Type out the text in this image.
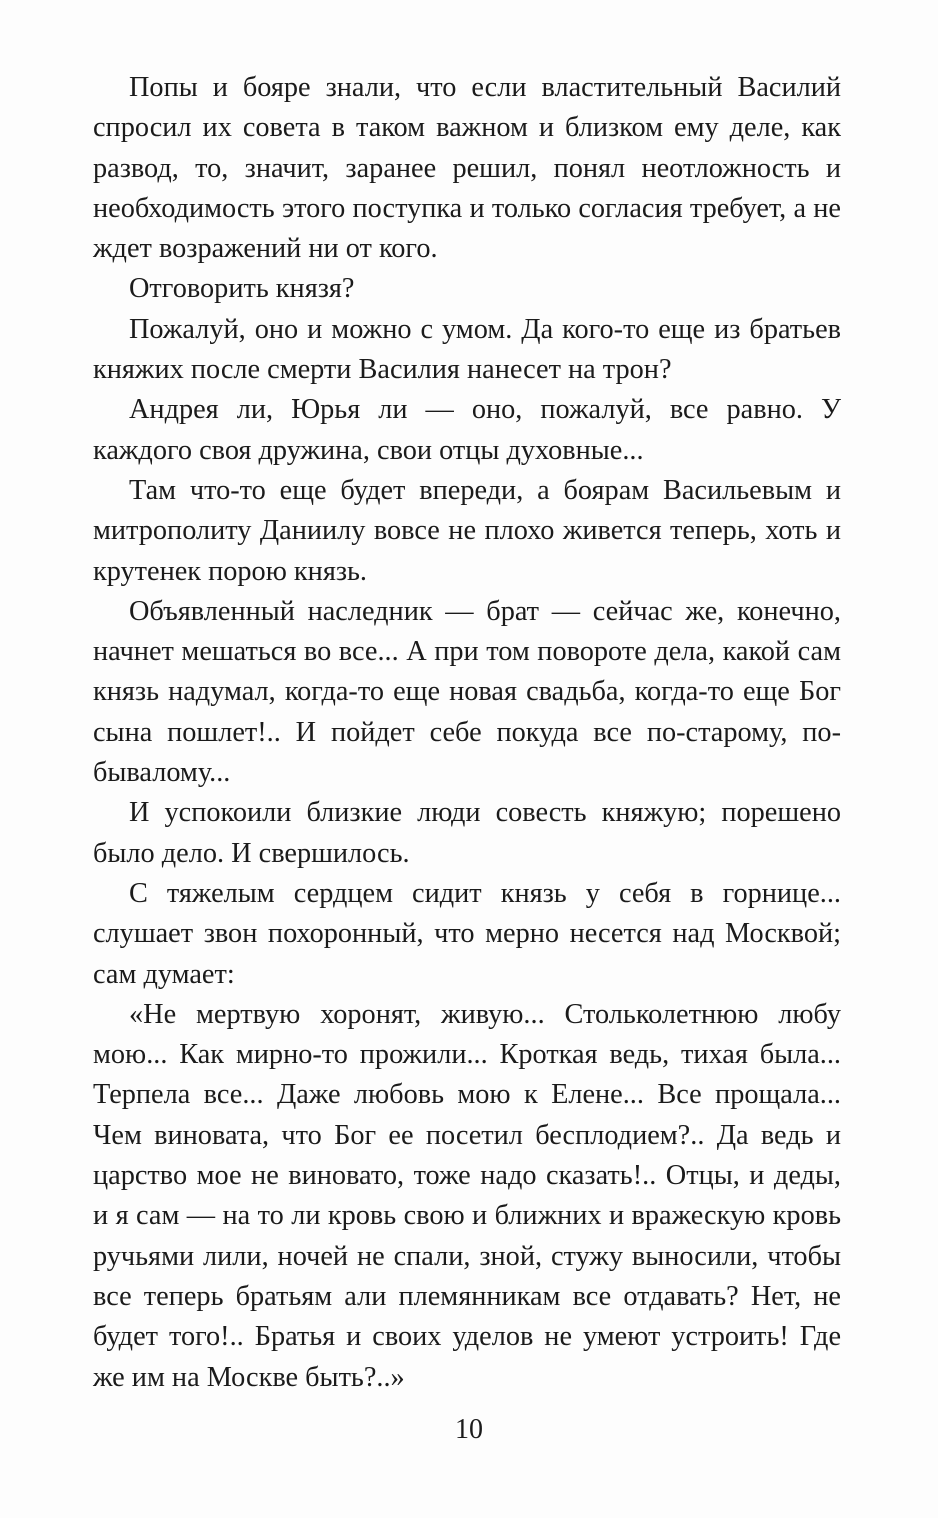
Попы и бояре знали, что если властительный Василий спросил их совета в таком важном и близком ему деле, как развод, то, значит, заранее решил, понял неотложность и необходимость этого поступка и только согласия требует, а не ждет возражений ни от кого.

Отговорить князя?

Пожалуй, оно и можно с умом. Да кого-то еще из братьев княжих после смерти Василия нанесет на трон?

Андрея ли, Юрья ли — оно, пожалуй, все равно. У каждого своя дружина, свои отцы духовные...

Там что-то еще будет впереди, а боярам Васильевым и митрополиту Даниилу вовсе не плохо живется теперь, хоть и крутенек порою князь.

Объявленный наследник — брат — сейчас же, конечно, начнет мешаться во все... А при том повороте дела, какой сам князь надумал, когда-то еще новая свадьба, когда-то еще Бог сына пошлет!.. И пойдет себе покуда все по-старому, по-бывалому...

И успокоили близкие люди совесть княжую; порешено было дело. И свершилось.

С тяжелым сердцем сидит князь у себя в горнице... слушает звон похоронный, что мерно несется над Москвой; сам думает:

«Не мертвую хоронят, живую... Стольколетнюю любу мою... Как мирно-то прожили... Кроткая ведь, тихая была... Терпела все... Даже любовь мою к Елене... Все прощала... Чем виновата, что Бог ее посетил бесплодием?.. Да ведь и царство мое не виновато, тоже надо сказать!.. Отцы, и деды, и я сам — на то ли кровь свою и ближних и вражескую кровь ручьями лили, ночей не спали, зной, стужу выносили, чтобы все теперь братьям али племянникам все отдавать? Нет, не будет того!.. Братья и своих уделов не умеют устроить! Где же им на Москве быть?..»

10
